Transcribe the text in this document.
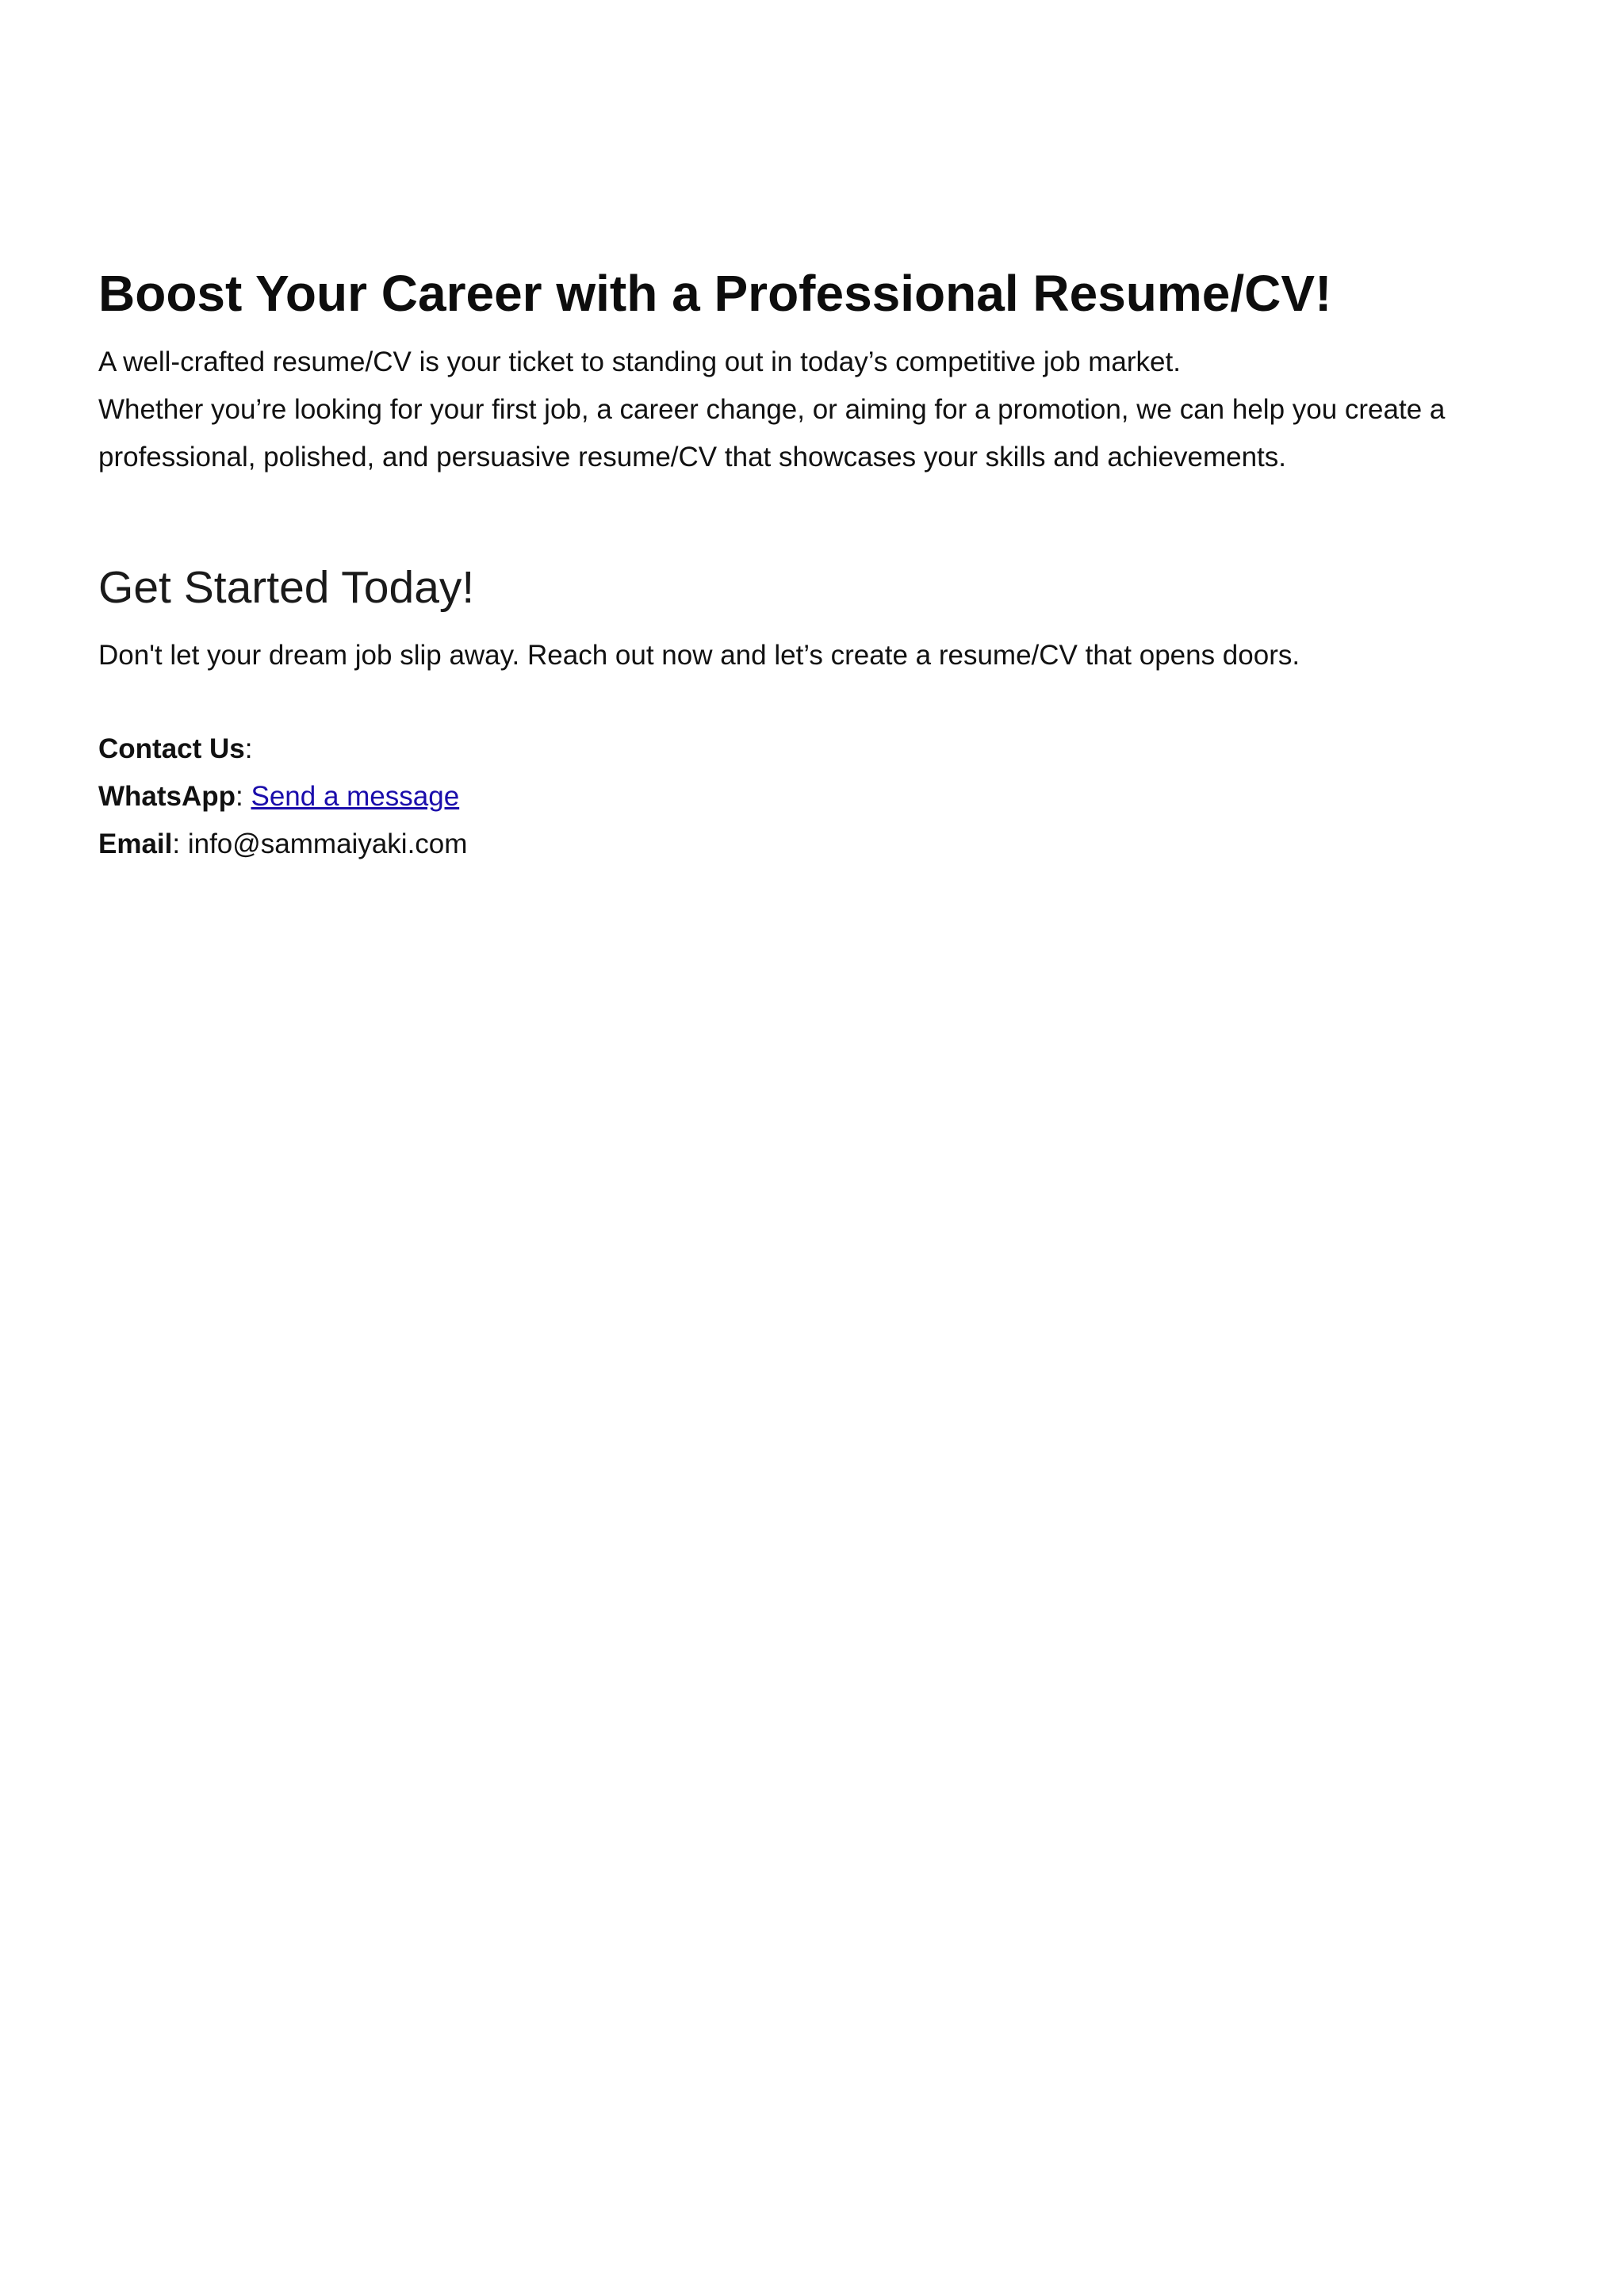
Boost Your Career with a Professional Resume/CV!

A well-crafted resume/CV is your ticket to standing out in today’s competitive job market.

Whether you’re looking for your first job, a career change, or aiming for a promotion, we can help you create a professional, polished, and persuasive resume/CV that showcases your skills and achievements.

Get Started Today!

Don't let your dream job slip away. Reach out now and let’s create a resume/CV that opens doors.

Contact Us:
WhatsApp: Send a message
Email: info@sammaiyaki.com
